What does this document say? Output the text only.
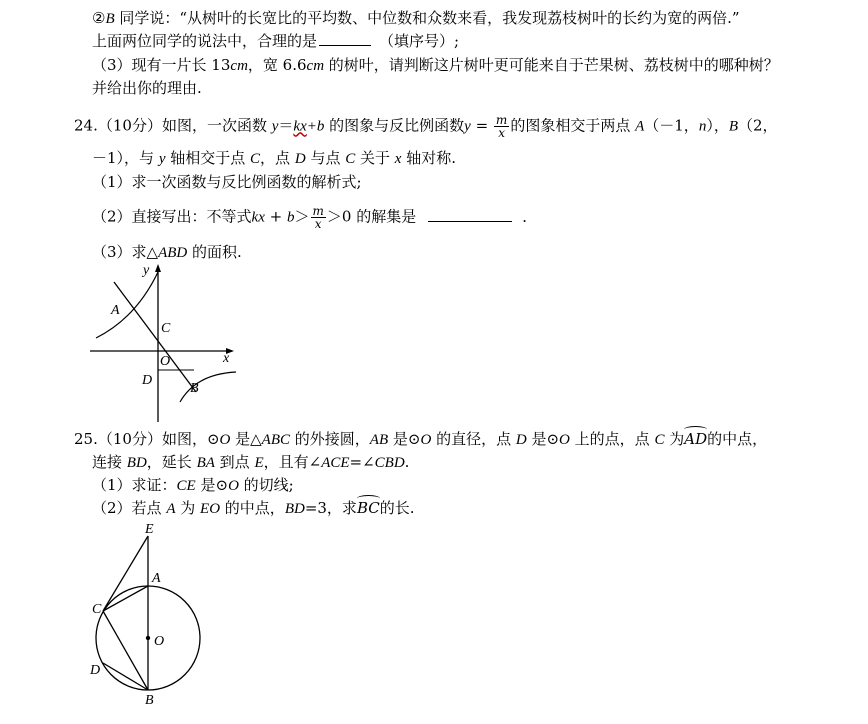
②B 同学说：“从树叶的长宽比的平均数、中位数和众数来看，我发现荔枝树叶的长约为宽的两倍.”
上面两位同学的说法中，合理的是	（填序号）;
（3）现有一片长 13cm，宽 6.6cm 的树叶，请判断这片树叶更可能来自于芒果树、荔枝树中的哪种树？
并给出你的理由.
24.（10分）如图，一次函数 y＝kx+b 的图象与反比例函数$y = \frac{m}{x}$ 的图象相交于两点 A（－1，n），B（2，
－1），与 y 轴相交于点 C，点 D 与点 C 关于 x 轴对称.
（1）求一次函数与反比例函数的解析式;
（2）直接写出：不等式kx + $b> \frac{m}{x} >0$ 的解集是	．
（3）求△ABD 的面积.
y
A
C
O	x
D
B
25.（10分）如图，⊙O 是△ABC 的外接圆，AB 是⊙O 的直径，点 D 是⊙O 上的点，点 C 为AD的中点，
连接 BD，延长 BA 到点 E，且有∠ACE=∠CBD.
（1）求证：CE 是⊙O 的切线;
（2）若点 A 为 EO 的中点，BD=3，求BC的长.
E
A
C
O
D
B
